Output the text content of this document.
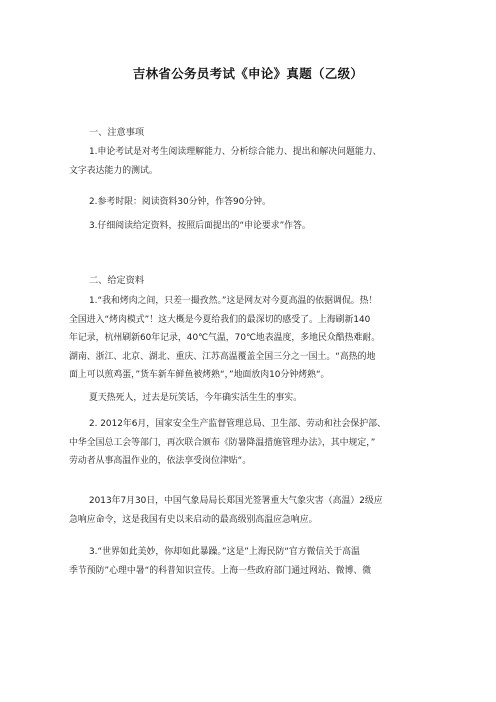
吉林省公务员考试《申论》真题（乙级）
一、注意事项
1.申论考试是对考生阅读理解能力、分析综合能力、提出和解决问题能力、
文字表达能力的测试。
2.参考时限：阅读资料30分钟，作答90分钟。
3.仔细阅读给定资料，按照后面提出的“申论要求”作答。
二、给定资料
1.“我和烤肉之间，只差一撮孜然。”这是网友对今夏高温的依据调侃。热！
全国进入“烤肉模式”！这大概是今夏给我们的最深切的感受了。上海刷新140
年记录，杭州刷新60年记录，40℃气温，70℃地表温度，多地民众酷热难耐。
湖南、浙江、北京、湖北、重庆、江苏高温覆盖全国三分之一国土。“高热的地
面上可以煎鸡蛋，”货车新车鲜鱼被烤熟“，”地面放肉10分钟烤熟“。
夏天热死人，过去是玩笑话，今年确实活生生的事实。
2. 2012年6月，国家安全生产监督管理总局、卫生部、劳动和社会保护部、
中华全国总工会等部门，再次联合颁布《防暑降温措施管理办法》，其中规定，”
劳动者从事高温作业的，依法享受岗位津贴“。
2013年7月30日，中国气象局局长郑国光签署重大气象灾害（高温）2级应
急响应命令，这是我国有史以来启动的最高级别高温应急响应。
3.“世界如此美妙，你却如此暴躁。”这是”上海民防“官方微信关于高温
季节预防”心理中暑“的科普知识宣传。上海一些政府部门通过网站、微博、微
